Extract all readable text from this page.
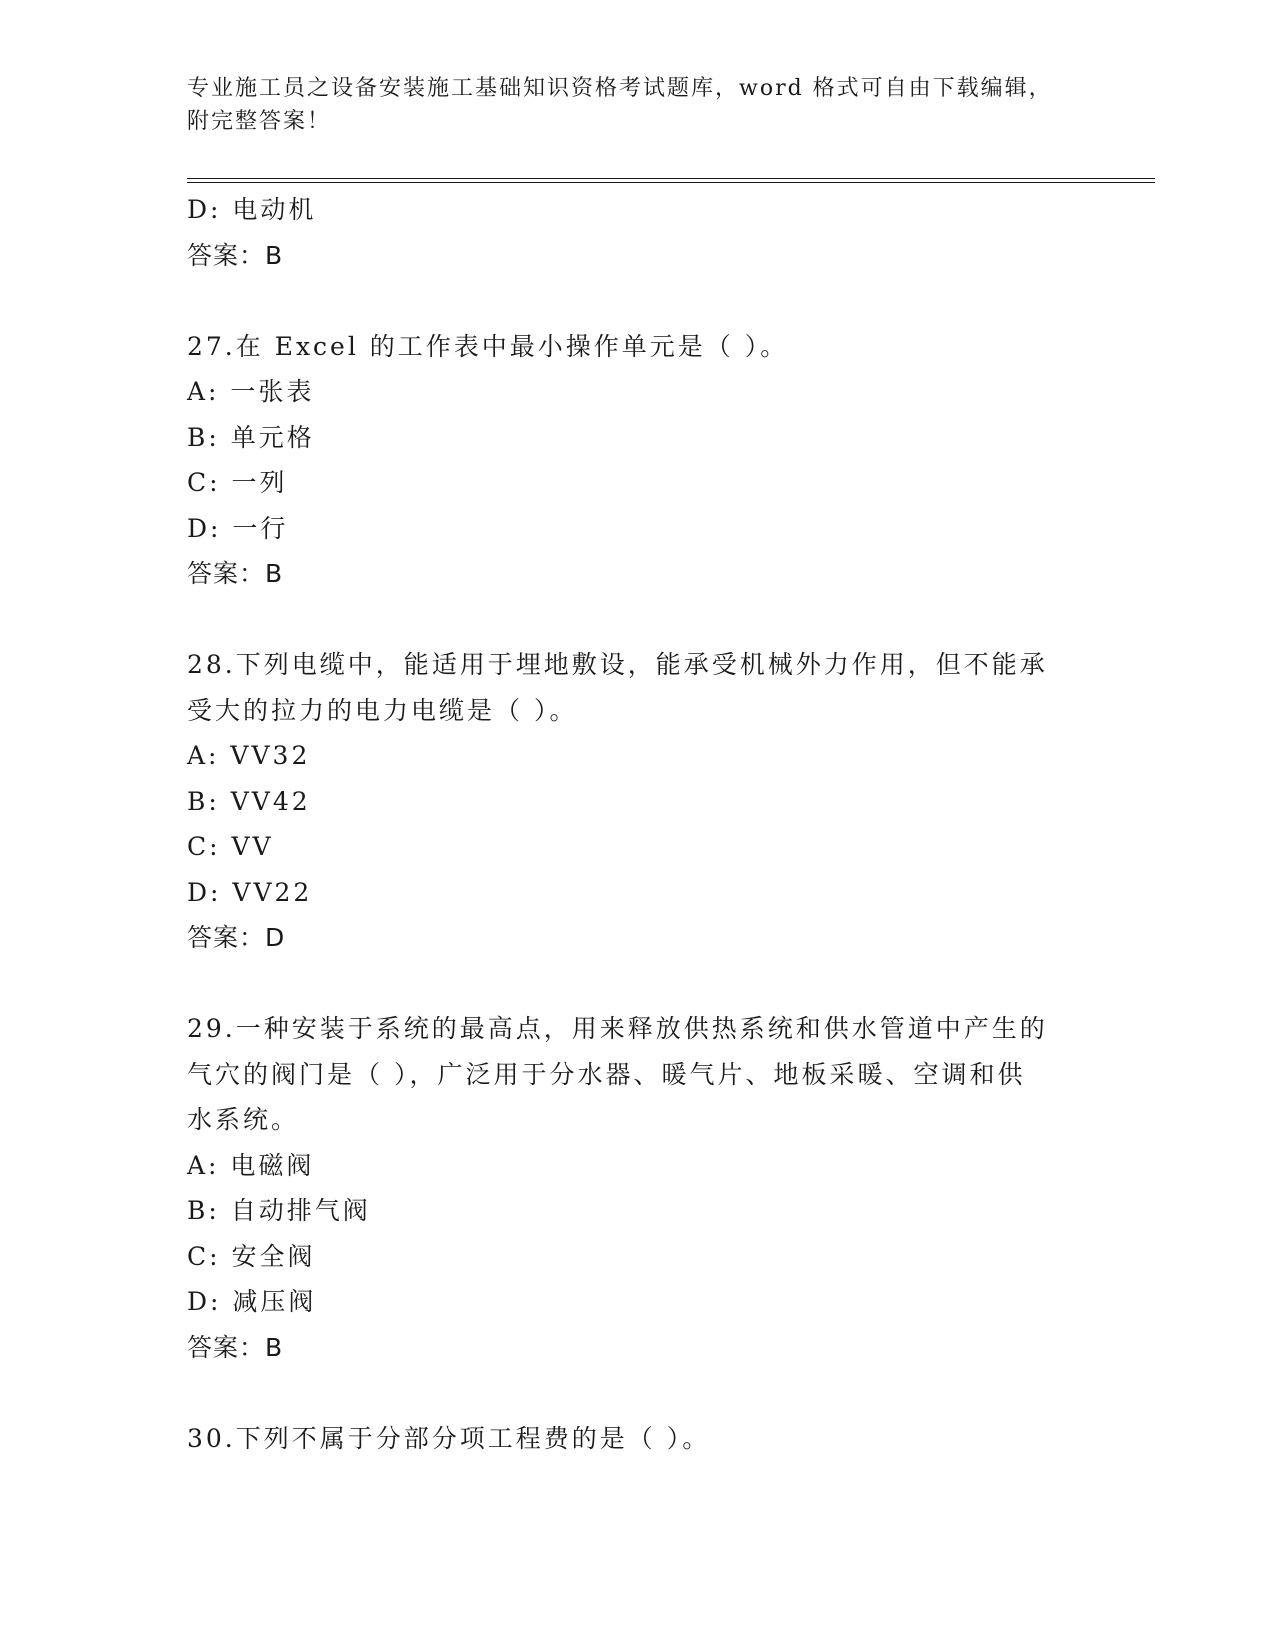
专业施工员之设备安装施工基础知识资格考试题库，word 格式可自由下载编辑，
附完整答案！
D: 电动机
答案：B
27.在 Excel 的工作表中最小操作单元是（ ）。
A: 一张表
B: 单元格
C: 一列
D: 一行
答案：B
28.下列电缆中，能适用于埋地敷设，能承受机械外力作用，但不能承
受大的拉力的电力电缆是（ ）。
A: VV32
B: VV42
C: VV
D: VV22
答案：D
29.一种安装于系统的最高点，用来释放供热系统和供水管道中产生的
气穴的阀门是（ ），广泛用于分水器、暖气片、地板采暖、空调和供
水系统。
A: 电磁阀
B: 自动排气阀
C: 安全阀
D: 减压阀
答案：B
30.下列不属于分部分项工程费的是（ ）。
